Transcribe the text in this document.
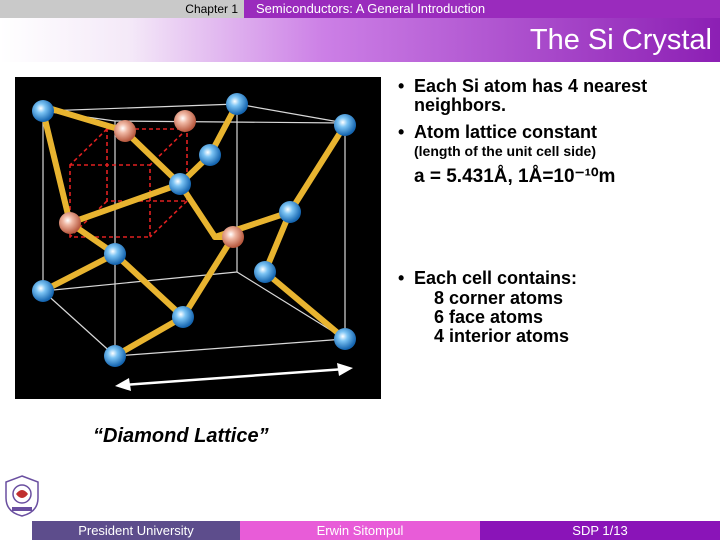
Chapter 1	Semiconductors: A General Introduction
The Si Crystal
a
• Each Si atom has 4 nearest
neighbors.
• Atom lattice constant
(length of the unit cell side)
a = 5.431Å, 1Å=10⁻¹⁰m
• Each cell contains:
8 corner atoms
6 face atoms
4 interior atoms
“Diamond Lattice”
President University	Erwin Sitompul	SDP 1/13
